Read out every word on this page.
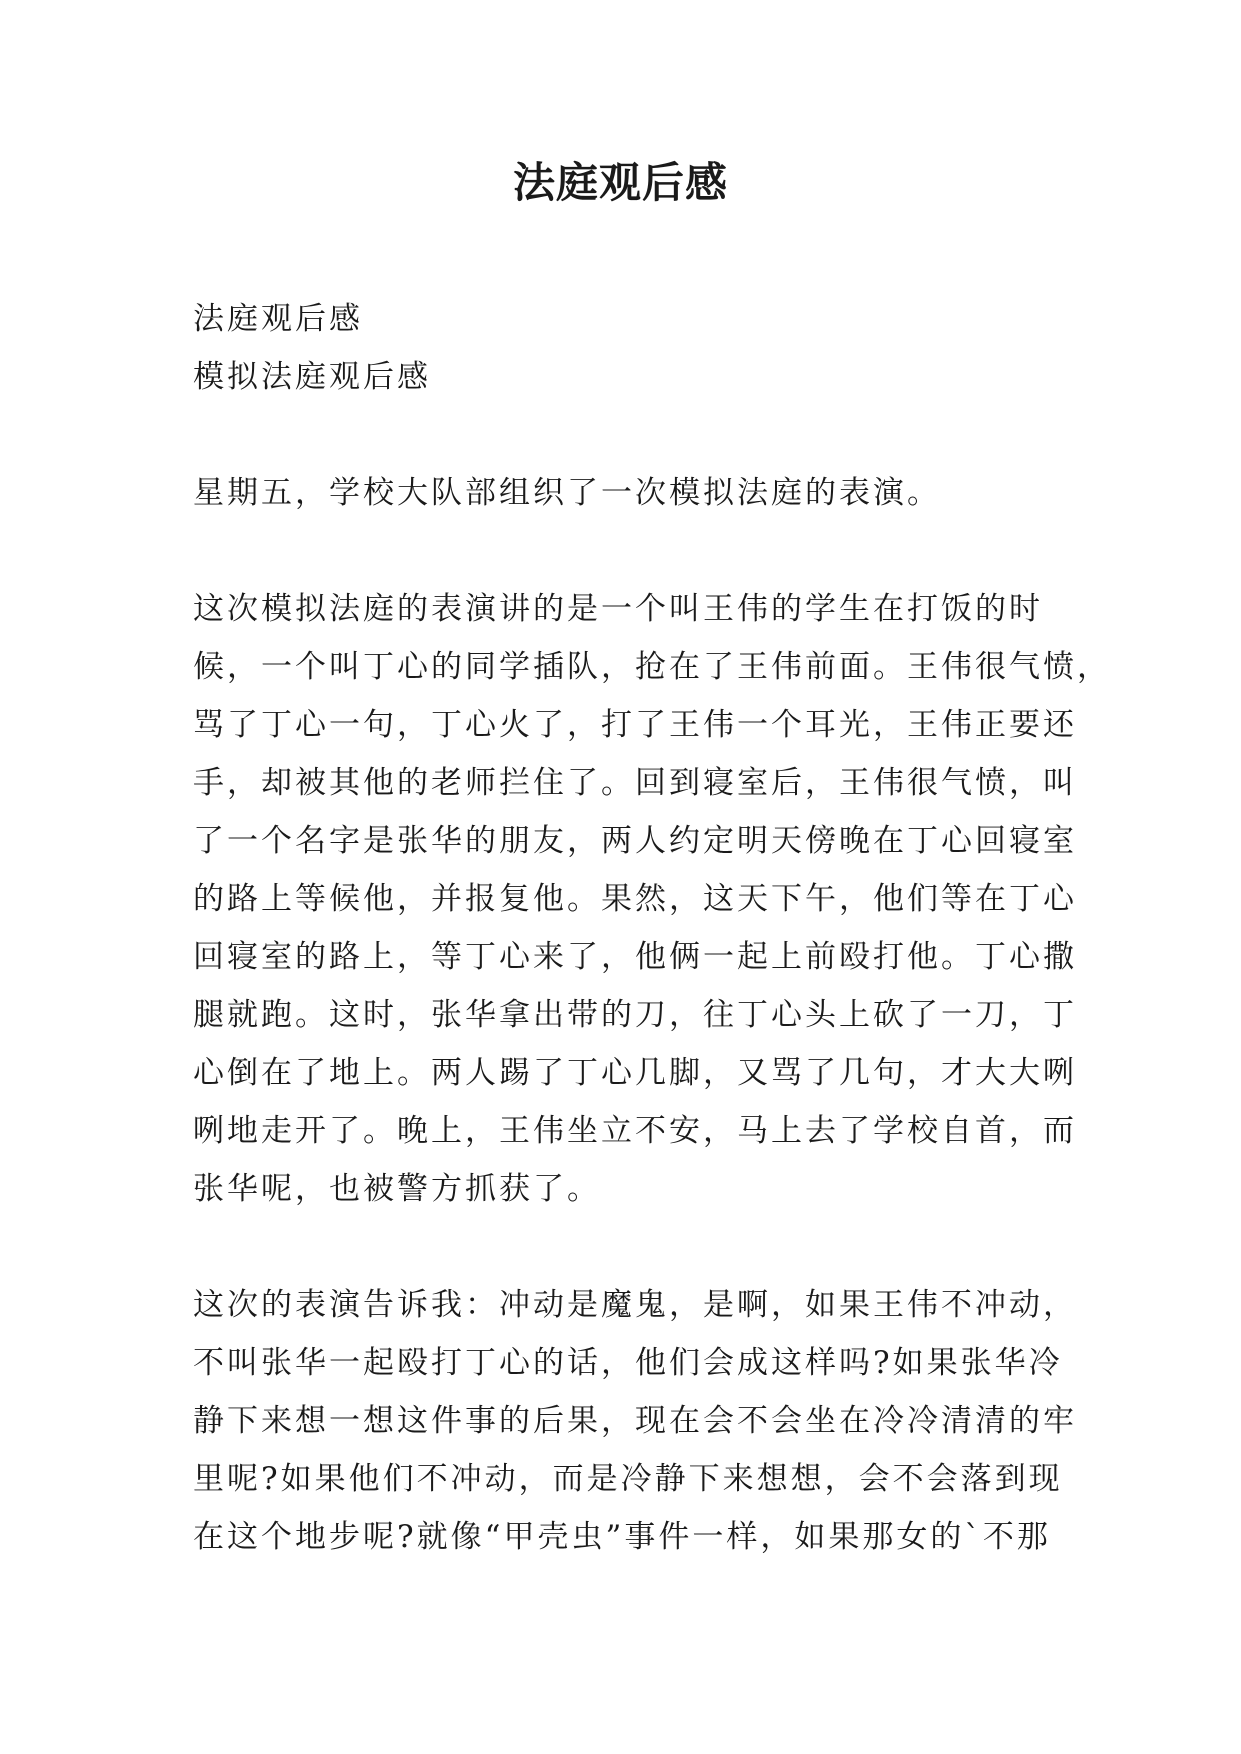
法庭观后感
法庭观后感
模拟法庭观后感
星期五，学校大队部组织了一次模拟法庭的表演。
这次模拟法庭的表演讲的是一个叫王伟的学生在打饭的时
候，一个叫丁心的同学插队，抢在了王伟前面。王伟很气愤，
骂了丁心一句，丁心火了，打了王伟一个耳光，王伟正要还
手，却被其他的老师拦住了。回到寝室后，王伟很气愤，叫
了一个名字是张华的朋友，两人约定明天傍晚在丁心回寝室
的路上等候他，并报复他。果然，这天下午，他们等在丁心
回寝室的路上，等丁心来了，他俩一起上前殴打他。丁心撒
腿就跑。这时，张华拿出带的刀，往丁心头上砍了一刀，丁
心倒在了地上。两人踢了丁心几脚，又骂了几句，才大大咧
咧地走开了。晚上，王伟坐立不安，马上去了学校自首，而
张华呢，也被警方抓获了。
这次的表演告诉我：冲动是魔鬼，是啊，如果王伟不冲动，
不叫张华一起殴打丁心的话，他们会成这样吗?如果张华冷
静下来想一想这件事的后果，现在会不会坐在冷冷清清的牢
里呢?如果他们不冲动，而是冷静下来想想，会不会落到现
在这个地步呢?就像“甲壳虫”事件一样，如果那女的`不那
